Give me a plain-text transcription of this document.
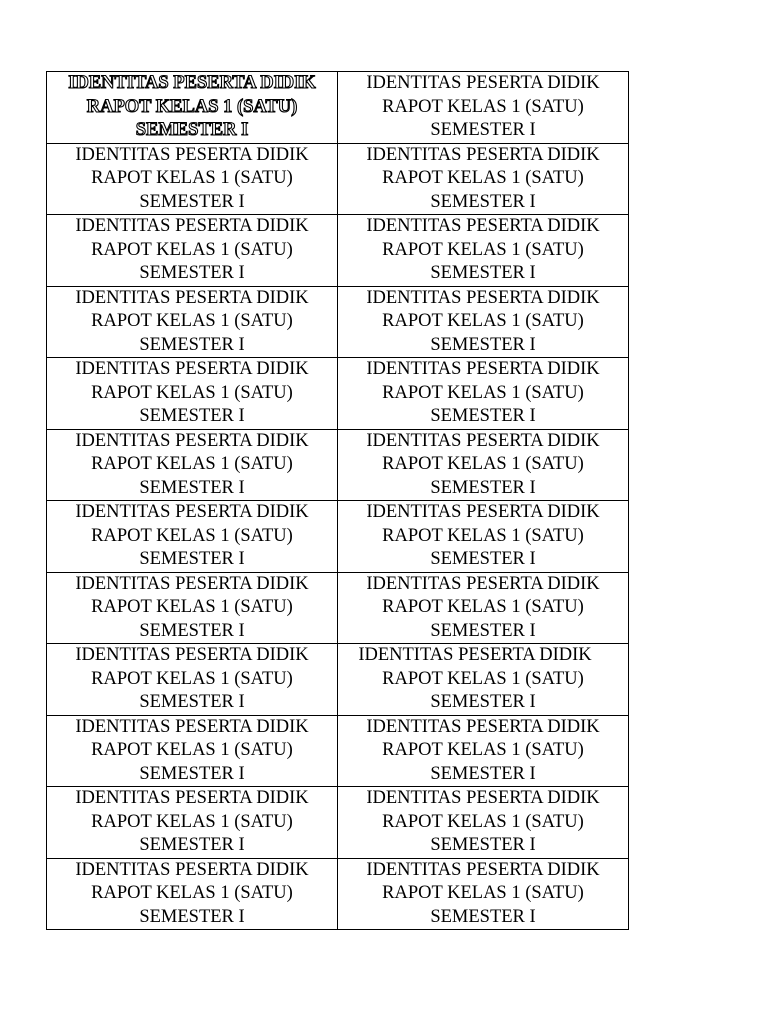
IDENTITAS PESERTA DIDIK
RAPOT KELAS 1 (SATU)
SEMESTER I	IDENTITAS PESERTA DIDIK
RAPOT KELAS 1 (SATU)
SEMESTER I

IDENTITAS PESERTA DIDIK
RAPOT KELAS 1 (SATU)
SEMESTER I	IDENTITAS PESERTA DIDIK
RAPOT KELAS 1 (SATU)
SEMESTER I

IDENTITAS PESERTA DIDIK
RAPOT KELAS 1 (SATU)
SEMESTER I	IDENTITAS PESERTA DIDIK
RAPOT KELAS 1 (SATU)
SEMESTER I

IDENTITAS PESERTA DIDIK
RAPOT KELAS 1 (SATU)
SEMESTER I	IDENTITAS PESERTA DIDIK
RAPOT KELAS 1 (SATU)
SEMESTER I

IDENTITAS PESERTA DIDIK
RAPOT KELAS 1 (SATU)
SEMESTER I	IDENTITAS PESERTA DIDIK
RAPOT KELAS 1 (SATU)
SEMESTER I

IDENTITAS PESERTA DIDIK
RAPOT KELAS 1 (SATU)
SEMESTER I	IDENTITAS PESERTA DIDIK
RAPOT KELAS 1 (SATU)
SEMESTER I

IDENTITAS PESERTA DIDIK
RAPOT KELAS 1 (SATU)
SEMESTER I	IDENTITAS PESERTA DIDIK
RAPOT KELAS 1 (SATU)
SEMESTER I

IDENTITAS PESERTA DIDIK
RAPOT KELAS 1 (SATU)
SEMESTER I	IDENTITAS PESERTA DIDIK
RAPOT KELAS 1 (SATU)
SEMESTER I

IDENTITAS PESERTA DIDIK
RAPOT KELAS 1 (SATU)
SEMESTER I	IDENTITAS PESERTA DIDIK
RAPOT KELAS 1 (SATU)
SEMESTER I

IDENTITAS PESERTA DIDIK
RAPOT KELAS 1 (SATU)
SEMESTER I	IDENTITAS PESERTA DIDIK
RAPOT KELAS 1 (SATU)
SEMESTER I

IDENTITAS PESERTA DIDIK
RAPOT KELAS 1 (SATU)
SEMESTER I	IDENTITAS PESERTA DIDIK
RAPOT KELAS 1 (SATU)
SEMESTER I

IDENTITAS PESERTA DIDIK
RAPOT KELAS 1 (SATU)
SEMESTER I	IDENTITAS PESERTA DIDIK
RAPOT KELAS 1 (SATU)
SEMESTER I
